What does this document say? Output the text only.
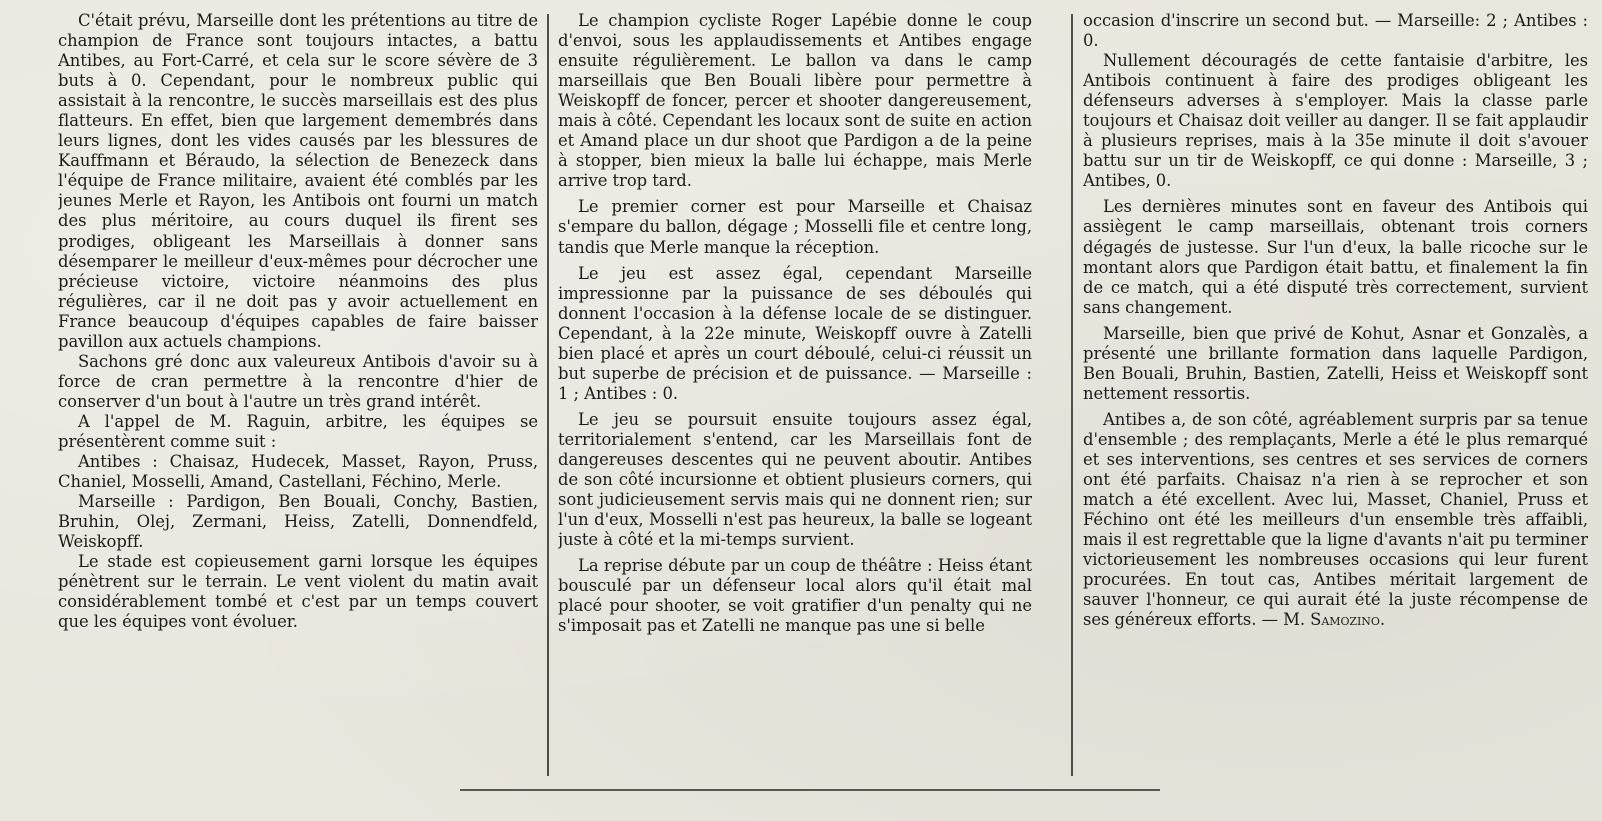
C'était prévu, Marseille dont les prétentions au titre de champion de France sont toujours intactes, a battu Antibes, au Fort-Carré, et cela sur le score sévère de 3 buts à 0. Cependant, pour le nombreux public qui assistait à la rencontre, le succès marseillais est des plus flatteurs. En effet, bien que largement demembrés dans leurs lignes, dont les vides causés par les blessures de Kauffmann et Béraudo, la sélection de Benezeck dans l'équipe de France militaire, avaient été comblés par les jeunes Merle et Rayon, les Antibois ont fourni un match des plus méritoire, au cours duquel ils firent ses prodiges, obligeant les Marseillais à donner sans désemparer le meilleur d'eux-mêmes pour décrocher une précieuse victoire, victoire néanmoins des plus régulières, car il ne doit pas y avoir actuellement en France beaucoup d'équipes capables de faire baisser pavillon aux actuels champions.

Sachons gré donc aux valeureux Antibois d'avoir su à force de cran permettre à la rencontre d'hier de conserver d'un bout à l'autre un très grand intérêt.

A l'appel de M. Raguin, arbitre, les équipes se présentèrent comme suit :

Antibes : Chaisaz, Hudecek, Masset, Rayon, Pruss, Chaniel, Mosselli, Amand, Castellani, Féchino, Merle.

Marseille : Pardigon, Ben Bouali, Conchy, Bastien, Bruhin, Olej, Zermani, Heiss, Zatelli, Donnendfeld, Weiskopff.

Le stade est copieusement garni lorsque les équipes pénètrent sur le terrain. Le vent violent du matin avait considérablement tombé et c'est par un temps couvert que les équipes vont évoluer.

Le champion cycliste Roger Lapébie donne le coup d'envoi, sous les applaudissements et Antibes engage ensuite régulièrement. Le ballon va dans le camp marseillais que Ben Bouali libère pour permettre à Weiskopff de foncer, percer et shooter dangereusement, mais à côté. Cependant les locaux sont de suite en action et Amand place un dur shoot que Pardigon a de la peine à stopper, bien mieux la balle lui échappe, mais Merle arrive trop tard.

Le premier corner est pour Marseille et Chaisaz s'empare du ballon, dégage ; Mosselli file et centre long, tandis que Merle manque la réception.

Le jeu est assez égal, cependant Marseille impressionne par la puissance de ses déboulés qui donnent l'occasion à la défense locale de se distinguer. Cependant, à la 22e minute, Weiskopff ouvre à Zatelli bien placé et après un court déboulé, celui-ci réussit un but superbe de précision et de puissance. — Marseille : 1 ; Antibes : 0.

Le jeu se poursuit ensuite toujours assez égal, territorialement s'entend, car les Marseillais font de dangereuses descentes qui ne peuvent aboutir. Antibes de son côté incursionne et obtient plusieurs corners, qui sont judicieusement servis mais qui ne donnent rien; sur l'un d'eux, Mosselli n'est pas heureux, la balle se logeant juste à côté et la mi-temps survient.

La reprise débute par un coup de théâtre : Heiss étant bousculé par un défenseur local alors qu'il était mal placé pour shooter, se voit gratifier d'un penalty qui ne s'imposait pas et Zatelli ne manque pas une si belle

occasion d'inscrire un second but. — Marseille: 2 ; Antibes : 0.

Nullement découragés de cette fantaisie d'arbitre, les Antibois continuent à faire des prodiges obligeant les défenseurs adverses à s'employer. Mais la classe parle toujours et Chaisaz doit veiller au danger. Il se fait applaudir à plusieurs reprises, mais à la 35e minute il doit s'avouer battu sur un tir de Weiskopff, ce qui donne : Marseille, 3 ; Antibes, 0.

Les dernières minutes sont en faveur des Antibois qui assiègent le camp marseillais, obtenant trois corners dégagés de justesse. Sur l'un d'eux, la balle ricoche sur le montant alors que Pardigon était battu, et finalement la fin de ce match, qui a été disputé très correctement, survient sans changement.

Marseille, bien que privé de Kohut, Asnar et Gonzalès, a présenté une brillante formation dans laquelle Pardigon, Ben Bouali, Bruhin, Bastien, Zatelli, Heiss et Weiskopff sont nettement ressortis.

Antibes a, de son côté, agréablement surpris par sa tenue d'ensemble ; des remplaçants, Merle a été le plus remarqué et ses interventions, ses centres et ses services de corners ont été parfaits. Chaisaz n'a rien à se reprocher et son match a été excellent. Avec lui, Masset, Chaniel, Pruss et Féchino ont été les meilleurs d'un ensemble très affaibli, mais il est regrettable que la ligne d'avants n'ait pu terminer victorieusement les nombreuses occasions qui leur furent procurées. En tout cas, Antibes méritait largement de sauver l'honneur, ce qui aurait été la juste récompense de ses généreux efforts. — M. Samozino.
